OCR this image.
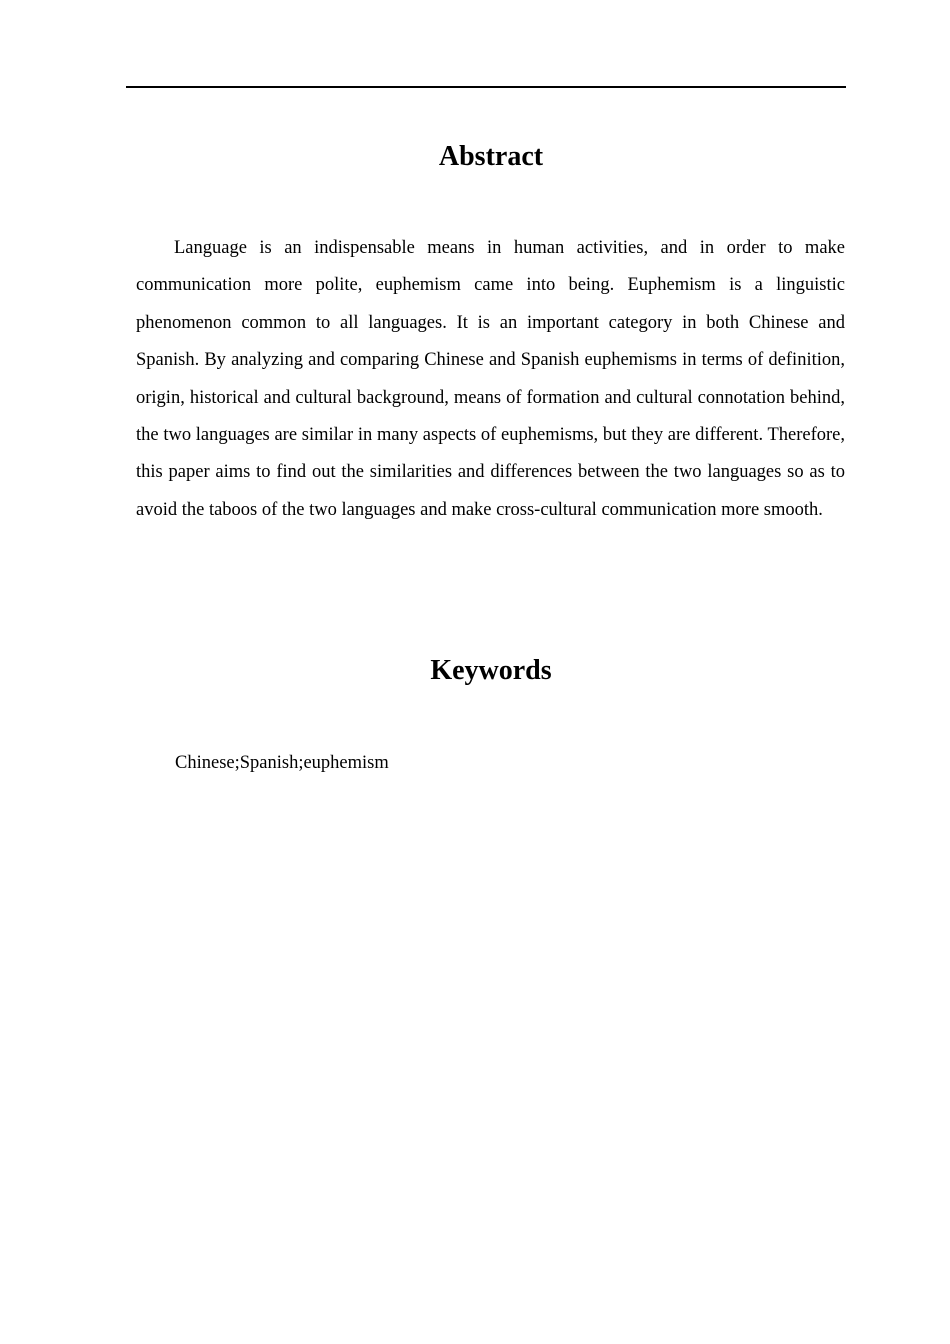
Abstract

Language is an indispensable means in human activities, and in order to make communication more polite, euphemism came into being. Euphemism is a linguistic phenomenon common to all languages. It is an important category in both Chinese and Spanish. By analyzing and comparing Chinese and Spanish euphemisms in terms of definition, origin, historical and cultural background, means of formation and cultural connotation behind, the two languages are similar in many aspects of euphemisms, but they are different. Therefore, this paper aims to find out the similarities and differences between the two languages so as to avoid the taboos of the two languages and make cross-cultural communication more smooth.

Keywords

Chinese;Spanish;euphemism
